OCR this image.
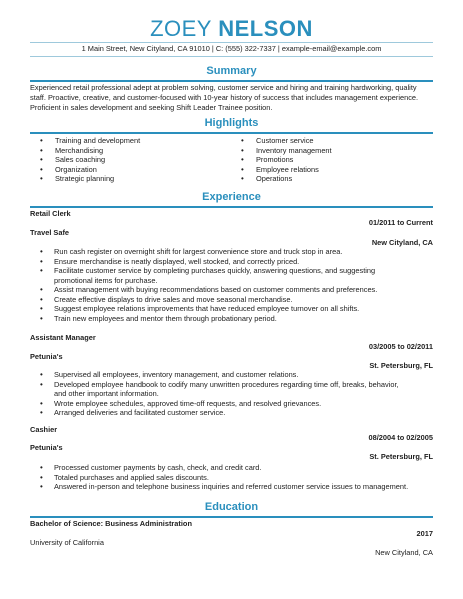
ZOEY NELSON
1 Main Street, New Cityland, CA 91010 | C: (555) 322-7337 | example-email@example.com
Summary
Experienced retail professional adept at problem solving, customer service and hiring and training hardworking, quality staff. Proactive, creative, and customer-focused with 10-year history of success that includes management experience. Proficient in sales development and seeking Shift Leader Trainee position.
Highlights
• Training and development
• Merchandising
• Sales coaching
• Organization
• Strategic planning
• Customer service
• Inventory management
• Promotions
• Employee relations
• Operations
Experience
Retail Clerk
01/2011 to Current
Travel Safe
New Cityland, CA
• Run cash register on overnight shift for largest convenience store and truck stop in area.
• Ensure merchandise is neatly displayed, well stocked, and correctly priced.
• Facilitate customer service by completing purchases quickly, answering questions, and suggesting
promotional items for purchase.
• Assist management with buying recommendations based on customer comments and preferences.
• Create effective displays to drive sales and move seasonal merchandise.
• Suggest employee relations improvements that have reduced employee turnover on all shifts.
• Train new employees and mentor them through probationary period.
Assistant Manager
03/2005 to 02/2011
Petunia's
St. Petersburg, FL
• Supervised all employees, inventory management, and customer relations.
• Developed employee handbook to codify many unwritten procedures regarding time off, breaks, behavior,
and other important information.
• Wrote employee schedules, approved time-off requests, and resolved grievances.
• Arranged deliveries and facilitated customer service.
Cashier
08/2004 to 02/2005
Petunia's
St. Petersburg, FL
• Processed customer payments by cash, check, and credit card.
• Totaled purchases and applied sales discounts.
• Answered in-person and telephone business inquiries and referred customer service issues to management.
Education
Bachelor of Science: Business Administration
2017
University of California
New Cityland, CA
